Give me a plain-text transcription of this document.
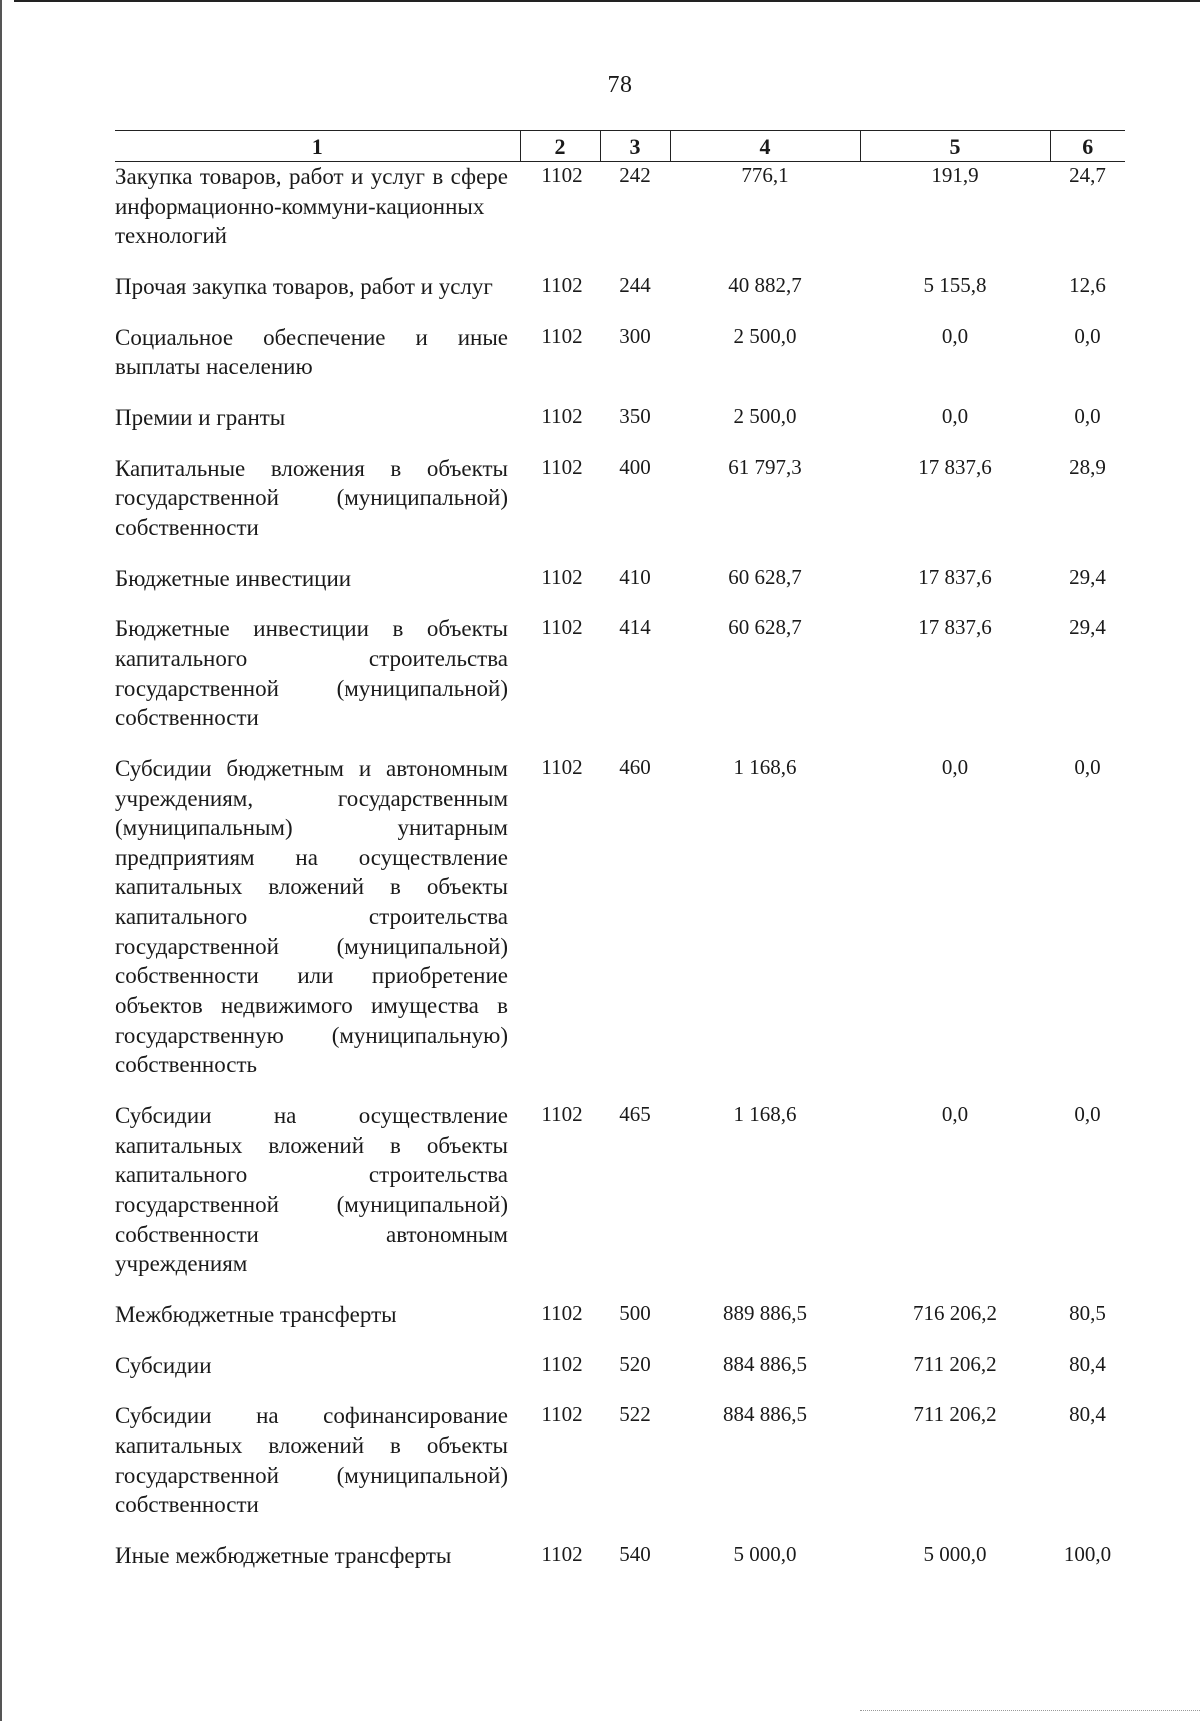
78
1	2	3	4	5	6
Закупка товаров, работ и услуг в сфере информационно-коммуни-кационных технологий	1102	242	776,1	191,9	24,7
Прочая закупка товаров, работ и услуг	1102	244	40 882,7	5 155,8	12,6
Социальное обеспечение и иные выплаты населению	1102	300	2 500,0	0,0	0,0
Премии и гранты	1102	350	2 500,0	0,0	0,0
Капитальные вложения в объекты государственной (муниципальной) собственности	1102	400	61 797,3	17 837,6	28,9
Бюджетные инвестиции	1102	410	60 628,7	17 837,6	29,4
Бюджетные инвестиции в объекты капитального строительства государственной (муниципальной) собственности	1102	414	60 628,7	17 837,6	29,4
Субсидии бюджетным и автономным учреждениям, государственным (муниципальным) унитарным предприятиям на осуществление капитальных вложений в объекты капитального строительства государственной (муниципальной) собственности или приобретение объектов недвижимого имущества в государственную (муниципальную) собственность	1102	460	1 168,6	0,0	0,0
Субсидии на осуществление капитальных вложений в объекты капитального строительства государственной (муниципальной) собственности автономным учреждениям	1102	465	1 168,6	0,0	0,0
Межбюджетные трансферты	1102	500	889 886,5	716 206,2	80,5
Субсидии	1102	520	884 886,5	711 206,2	80,4
Субсидии на софинансирование капитальных вложений в объекты государственной (муниципальной) собственности	1102	522	884 886,5	711 206,2	80,4
Иные межбюджетные трансферты	1102	540	5 000,0	5 000,0	100,0
